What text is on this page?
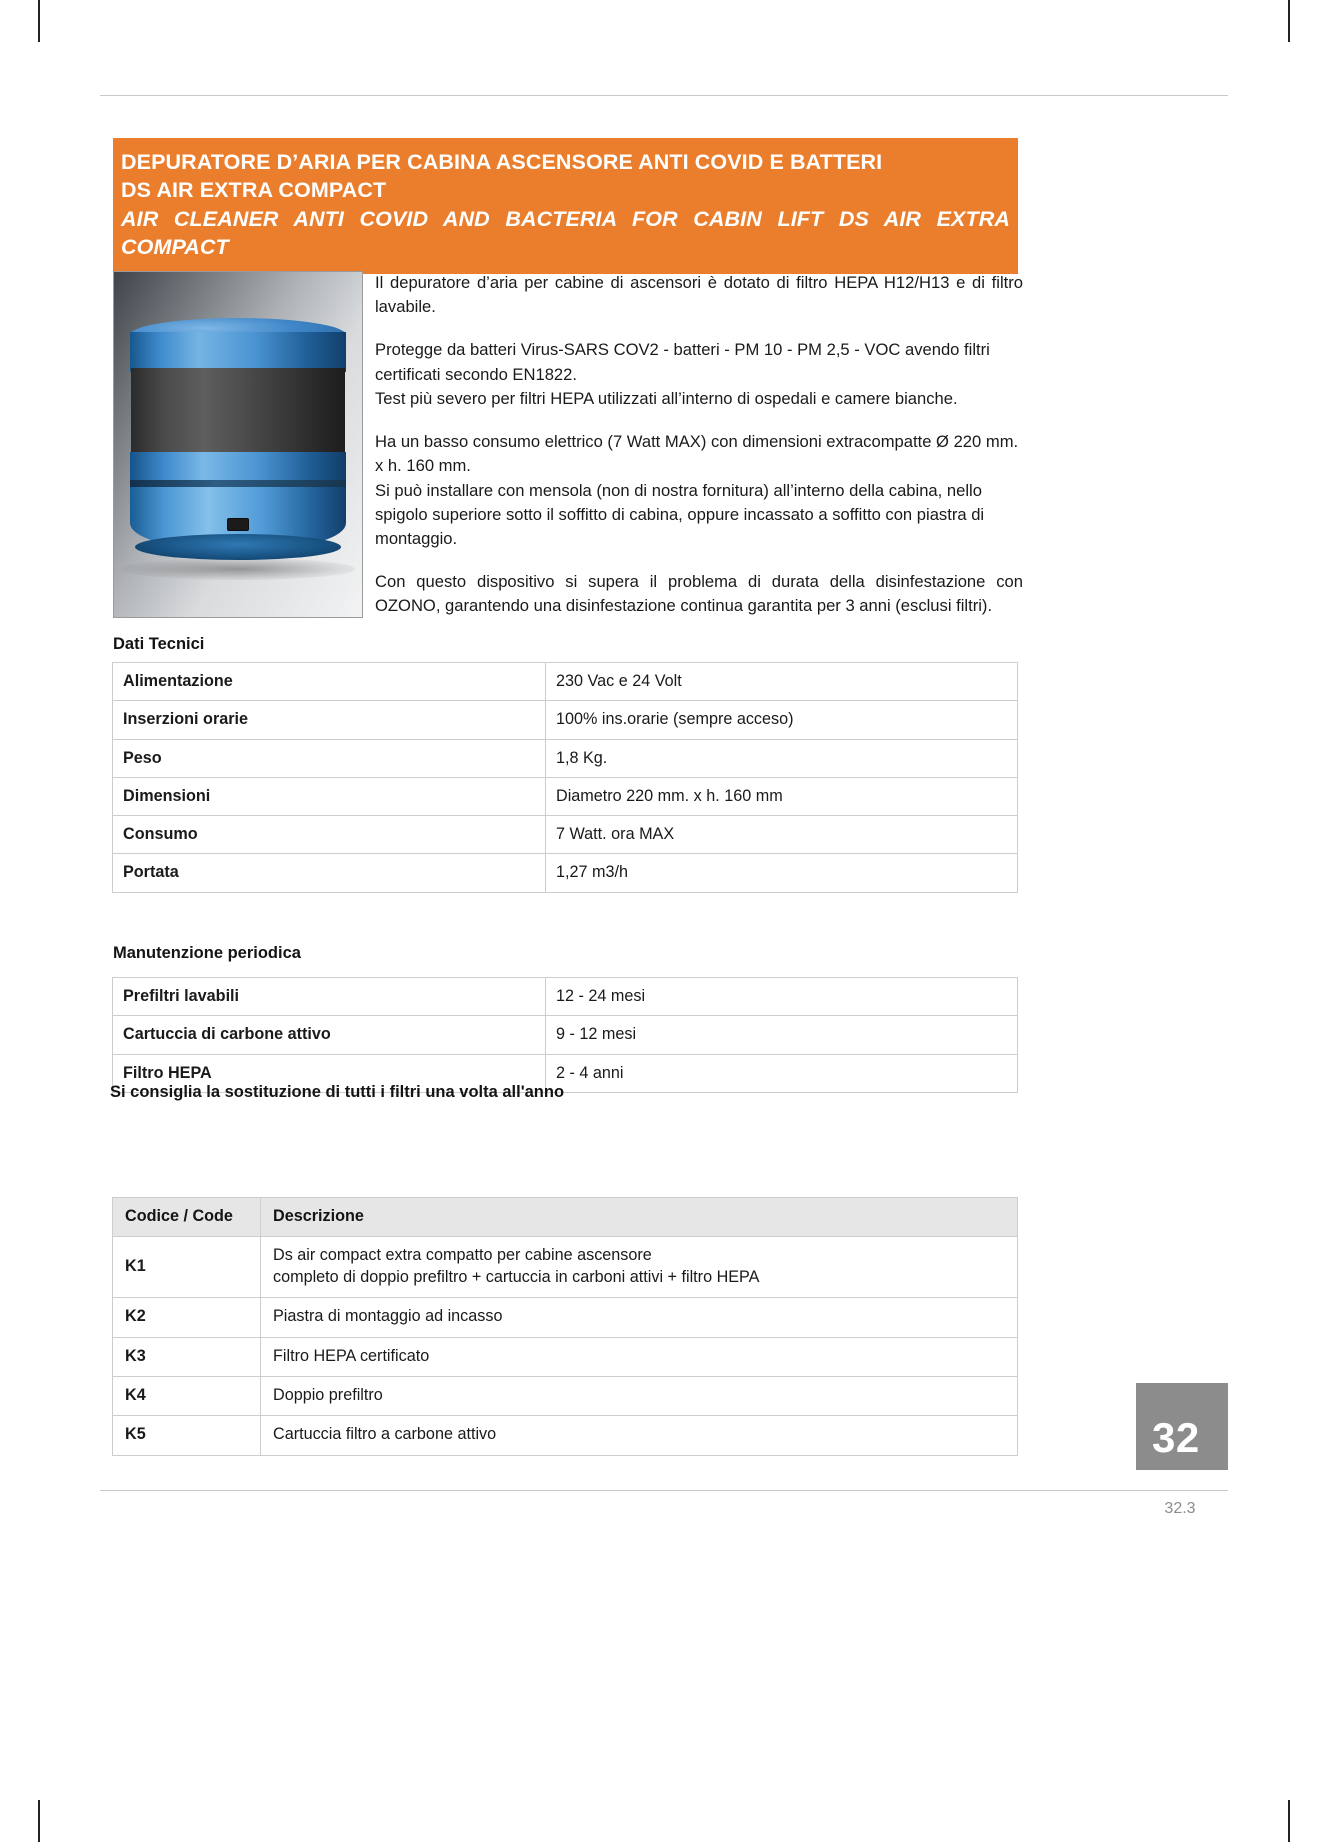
DEPURATORE D’ARIA PER CABINA ASCENSORE ANTI COVID E BATTERI
DS AIR EXTRA COMPACT
AIR CLEANER ANTI COVID AND BACTERIA FOR CABIN LIFT DS AIR EXTRA COMPACT

Il depuratore d’aria per cabine di ascensori è dotato di filtro HEPA H12/H13 e di filtro lavabile.

Protegge da batteri Virus-SARS COV2 - batteri - PM 10 - PM 2,5 - VOC avendo filtri certificati secondo EN1822.
Test più severo per filtri HEPA utilizzati all’interno di ospedali e camere bianche.

Ha un basso consumo elettrico (7 Watt MAX) con dimensioni extracompatte Ø 220 mm. x h. 160 mm.
Si può installare con mensola (non di nostra fornitura) all’interno della cabina, nello spigolo superiore sotto il soffitto di cabina, oppure incassato a soffitto con piastra di montaggio.

Con questo dispositivo si supera il problema di durata della disinfestazione con OZONO, garantendo una disinfestazione continua garantita per 3 anni (esclusi filtri).

Dati Tecnici
Alimentazione	230 Vac e 24 Volt
Inserzioni orarie	100% ins.orarie (sempre acceso)
Peso	1,8 Kg.
Dimensioni	Diametro 220 mm. x h. 160 mm
Consumo	7 Watt. ora MAX
Portata	1,27 m3/h
Manutenzione periodica
Prefiltri lavabili	12 - 24 mesi
Cartuccia di carbone attivo	9 - 12 mesi
Filtro HEPA	2 - 4 anni
Si consiglia la sostituzione di tutti i filtri una volta all'anno
Codice / Code	Descrizione
K1	Ds air compact extra compatto per cabine ascensore
completo di doppio prefiltro + cartuccia in carboni attivi + filtro HEPA
K2	Piastra di montaggio ad incasso
K3	Filtro HEPA certificato
K4	Doppio prefiltro
K5	Cartuccia filtro a carbone attivo	32
32.3
